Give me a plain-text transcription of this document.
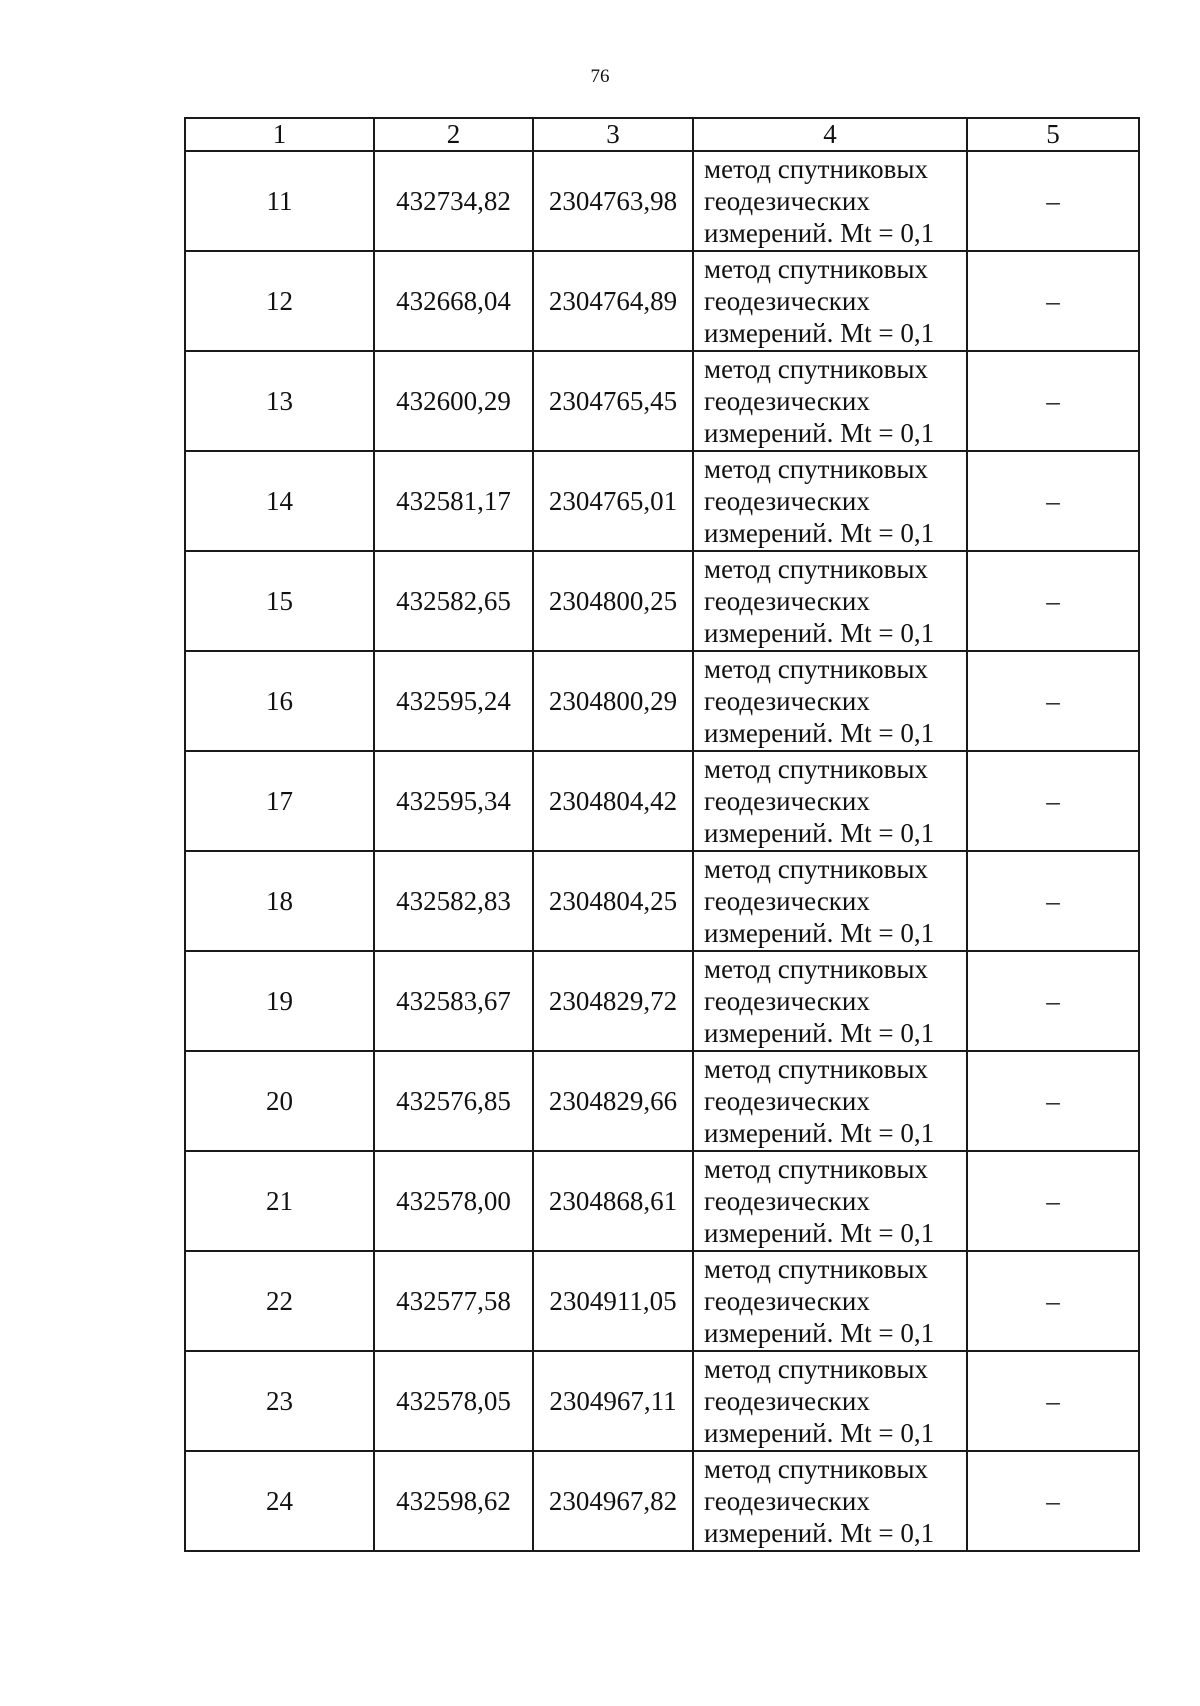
76
1	2	3	4	5
11	432734,82	2304763,98	метод спутниковых
геодезических
измерений. Mt = 0,1	–
12	432668,04	2304764,89	метод спутниковых
геодезических
измерений. Mt = 0,1	–
13	432600,29	2304765,45	метод спутниковых
геодезических
измерений. Mt = 0,1	–
14	432581,17	2304765,01	метод спутниковых
геодезических
измерений. Mt = 0,1	–
15	432582,65	2304800,25	метод спутниковых
геодезических
измерений. Mt = 0,1	–
16	432595,24	2304800,29	метод спутниковых
геодезических
измерений. Mt = 0,1	–
17	432595,34	2304804,42	метод спутниковых
геодезических
измерений. Mt = 0,1	–
18	432582,83	2304804,25	метод спутниковых
геодезических
измерений. Mt = 0,1	–
19	432583,67	2304829,72	метод спутниковых
геодезических
измерений. Mt = 0,1	–
20	432576,85	2304829,66	метод спутниковых
геодезических
измерений. Mt = 0,1	–
21	432578,00	2304868,61	метод спутниковых
геодезических
измерений. Mt = 0,1	–
22	432577,58	2304911,05	метод спутниковых
геодезических
измерений. Mt = 0,1	–
23	432578,05	2304967,11	метод спутниковых
геодезических
измерений. Mt = 0,1	–
24	432598,62	2304967,82	метод спутниковых
геодезических
измерений. Mt = 0,1	–
